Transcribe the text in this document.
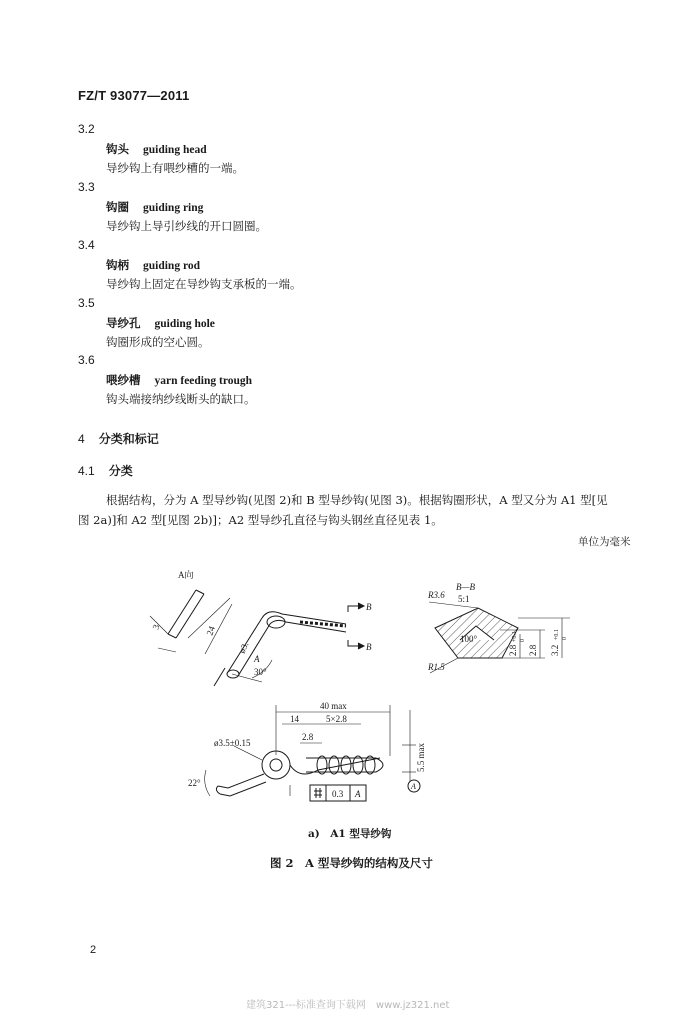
FZ/T 93077—2011
3.2
钩头 guiding head
导纱钩上有喂纱槽的一端。
3.3
钩圈 guiding ring
导纱钩上导引纱线的开口圆圈。
3.4
钩柄 guiding rod
导纱钩上固定在导纱钩支承板的一端。
3.5
导纱孔 guiding hole
钩圈形成的空心圆。
3.6
喂纱槽 yarn feeding trough
钩头端接纳纱线断头的缺口。
4 分类和标记
4.1 分类
根据结构，分为 A 型导纱钩(见图 2)和 B 型导纱钩(见图 3)。根据钩圈形状，A 型又分为 A1 型[见
图 2a)]和 A2 型[见图 2b)]；A2 型导纱孔直径与钩头钢丝直径见表 1。
单位为毫米
A向
24
ø3.
3
30°
A
B
B
B—B
5:1
R3.6
100°
2.8
+0.1 0
2.8 3.2
+0.1 0
R1.5
40 max
14	5×2.8
ø3.5±0.15
2.8
5.5 max
22°	A
0.3 A
a)　A1 型导纱钩
图 2　A 型导纱钩的结构及尺寸
2
建筑321---标准查询下载网　www.jz321.net
